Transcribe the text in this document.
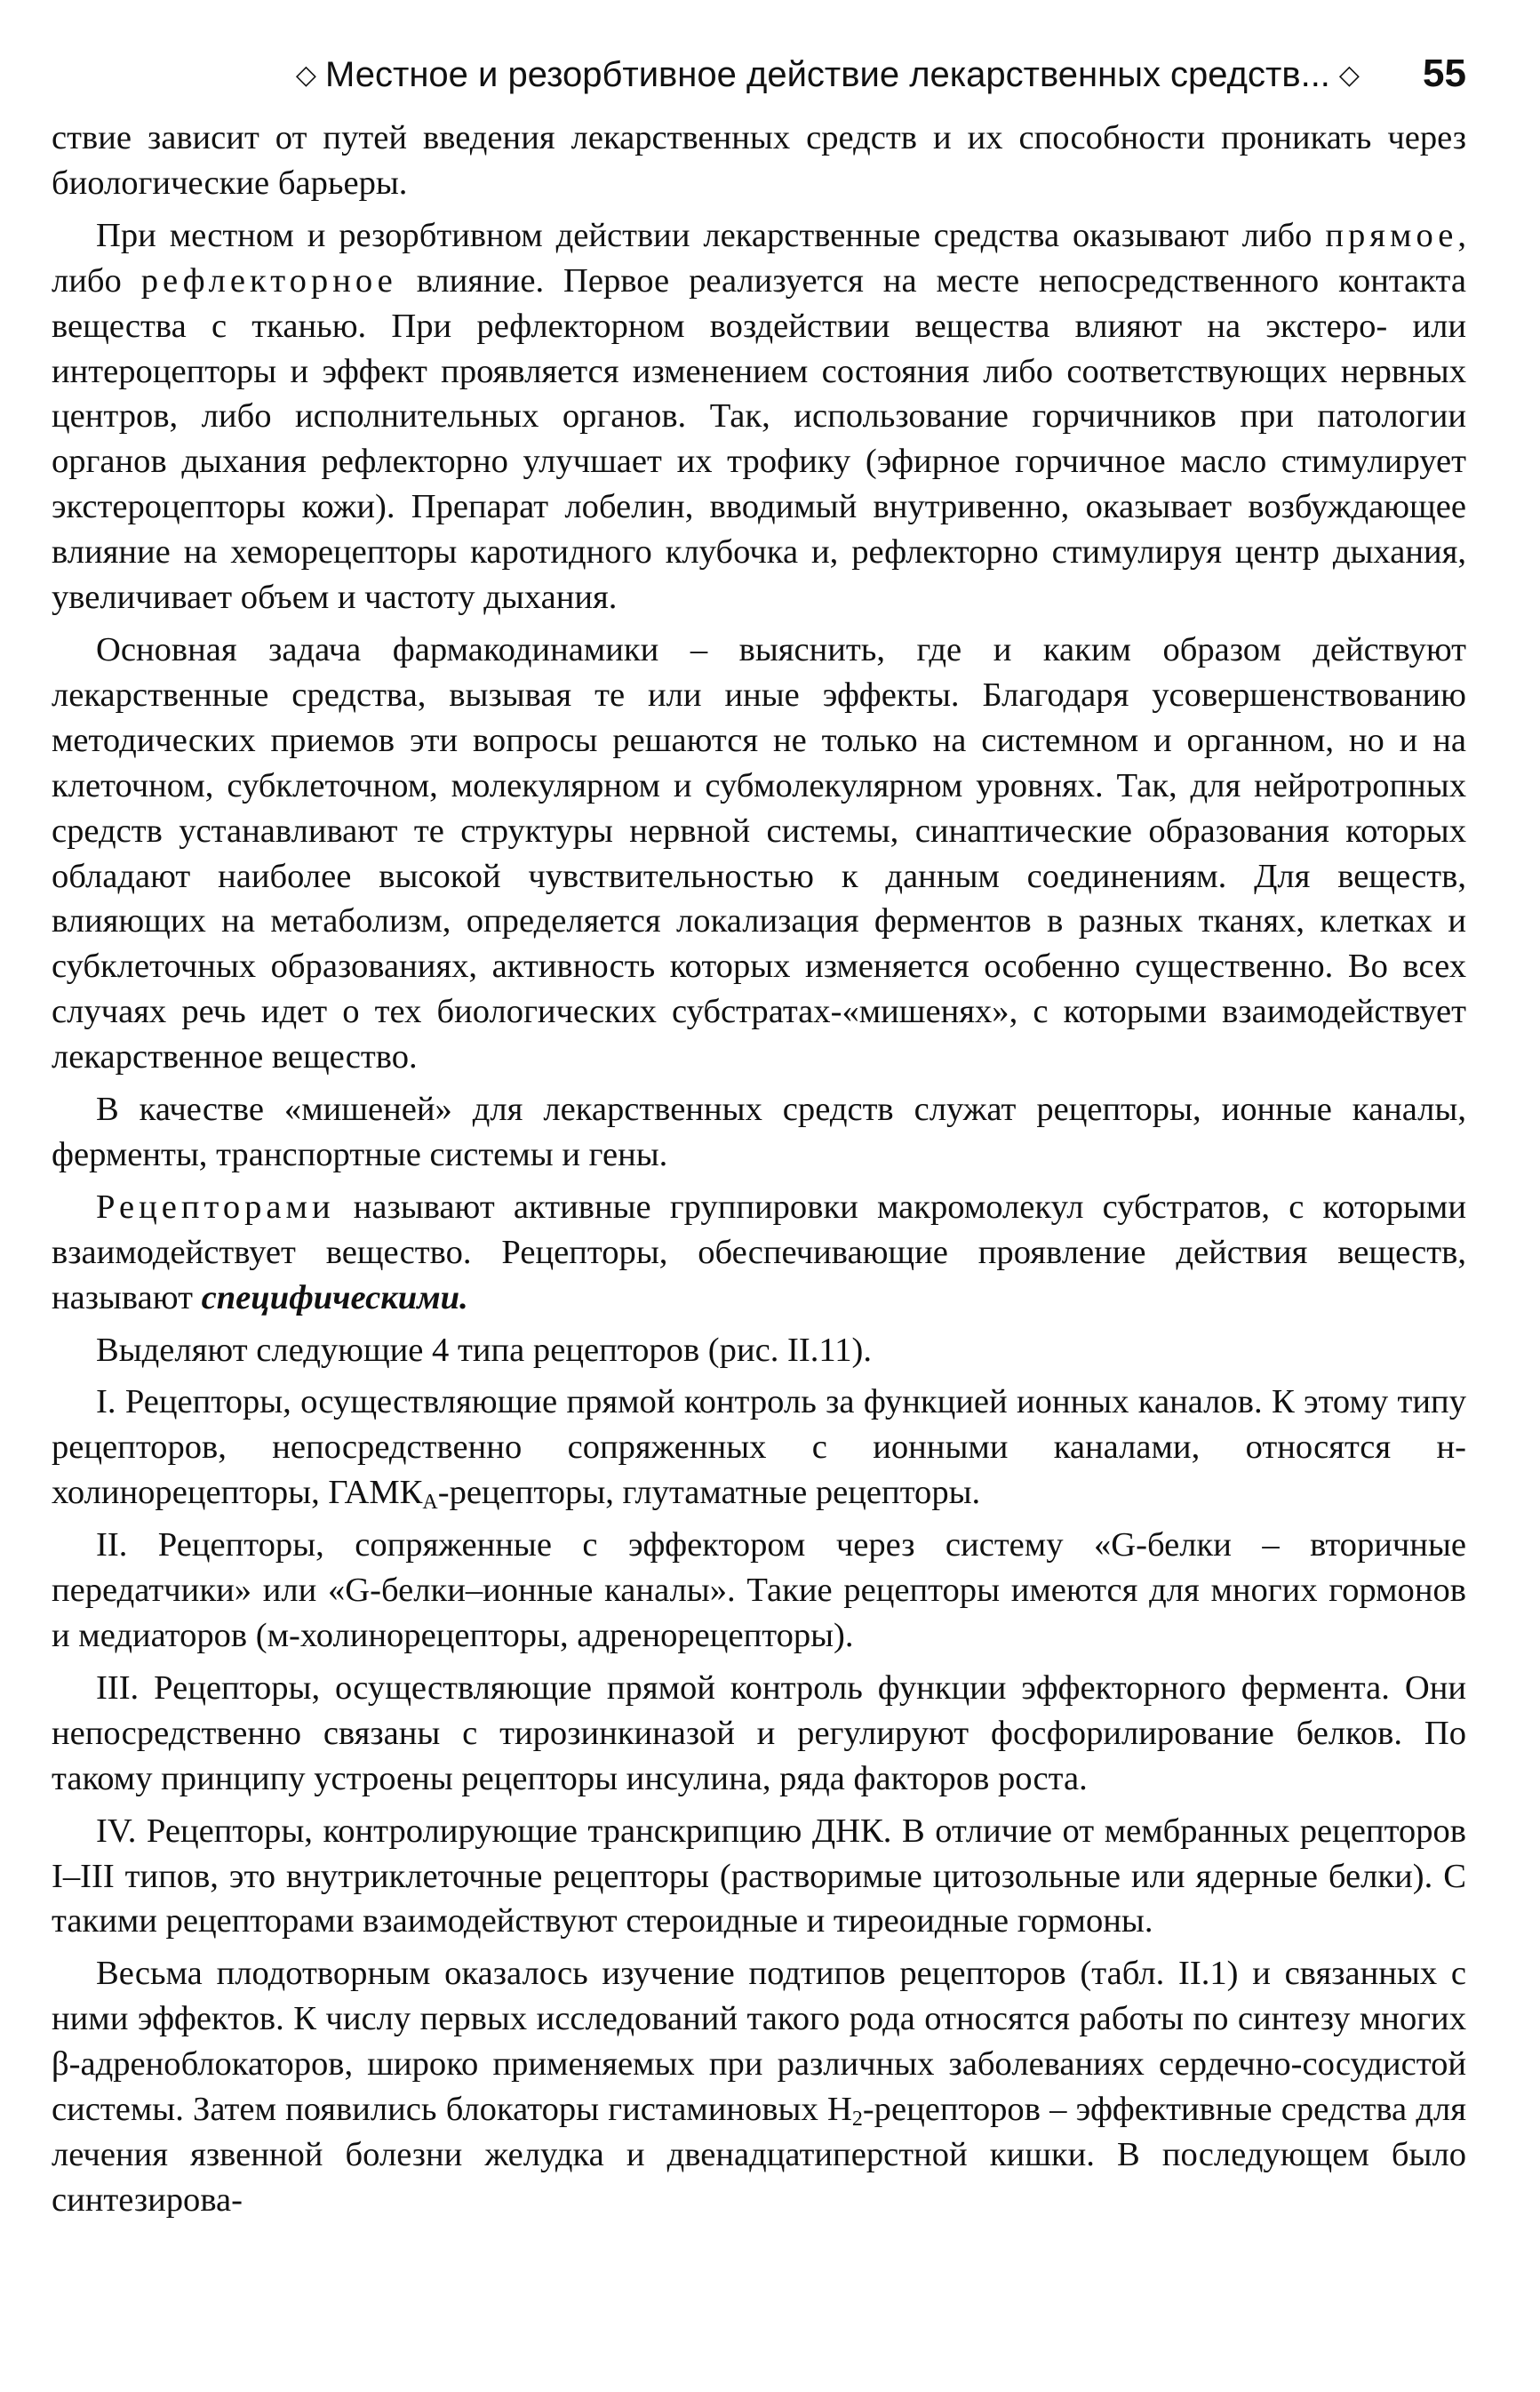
◇ Местное и резорбтивное действие лекарственных средств... ◇ 55

ствие зависит от путей введения лекарственных средств и их способности проникать через биологические барьеры.

При местном и резорбтивном действии лекарственные средства оказывают либо прямое, либо рефлекторное влияние. Первое реализуется на месте непосредственного контакта вещества с тканью. При рефлекторном воздействии вещества влияют на экстеро- или интероцепторы и эффект проявляется изменением состояния либо соответствующих нервных центров, либо исполнительных органов. Так, использование горчичников при патологии органов дыхания рефлекторно улучшает их трофику (эфирное горчичное масло стимулирует экстероцепторы кожи). Препарат лобелин, вводимый внутривенно, оказывает возбуждающее влияние на хеморецепторы каротидного клубочка и, рефлекторно стимулируя центр дыхания, увеличивает объем и частоту дыхания.

Основная задача фармакодинамики – выяснить, где и каким образом действуют лекарственные средства, вызывая те или иные эффекты. Благодаря усовершенствованию методических приемов эти вопросы решаются не только на системном и органном, но и на клеточном, субклеточном, молекулярном и субмолекулярном уровнях. Так, для нейротропных средств устанавливают те структуры нервной системы, синаптические образования которых обладают наиболее высокой чувствительностью к данным соединениям. Для веществ, влияющих на метаболизм, определяется локализация ферментов в разных тканях, клетках и субклеточных образованиях, активность которых изменяется особенно существенно. Во всех случаях речь идет о тех биологических субстратах-«мишенях», с которыми взаимодействует лекарственное вещество.

В качестве «мишеней» для лекарственных средств служат рецепторы, ионные каналы, ферменты, транспортные системы и гены.

Рецепторами называют активные группировки макромолекул субстратов, с которыми взаимодействует вещество. Рецепторы, обеспечивающие проявление действия веществ, называют специфическими.

Выделяют следующие 4 типа рецепторов (рис. II.11).

I. Рецепторы, осуществляющие прямой контроль за функцией ионных каналов. К этому типу рецепторов, непосредственно сопряженных с ионными каналами, относятся н-холинорецепторы, $ГАМК_А$-рецепторы, глутаматные рецепторы.

II. Рецепторы, сопряженные с эффектором через систему «G-белки – вторичные передатчики» или «G-белки–ионные каналы». Такие рецепторы имеются для многих гормонов и медиаторов (м-холинорецепторы, адренорецепторы).

III. Рецепторы, осуществляющие прямой контроль функции эффекторного фермента. Они непосредственно связаны с тирозинкиназой и регулируют фосфорилирование белков. По такому принципу устроены рецепторы инсулина, ряда факторов роста.

IV. Рецепторы, контролирующие транскрипцию ДНК. В отличие от мембранных рецепторов I–III типов, это внутриклеточные рецепторы (растворимые цитозольные или ядерные белки). С такими рецепторами взаимодействуют стероидные и тиреоидные гормоны.

Весьма плодотворным оказалось изучение подтипов рецепторов (табл. II.1) и связанных с ними эффектов. К числу первых исследований такого рода относятся работы по синтезу многих β-адреноблокаторов, широко применяемых при различных заболеваниях сердечно-сосудистой системы. Затем появились блокаторы гистаминовых $Н_2$-рецепторов – эффективные средства для лечения язвенной болезни желудка и двенадцатиперстной кишки. В последующем было синтезирова-
